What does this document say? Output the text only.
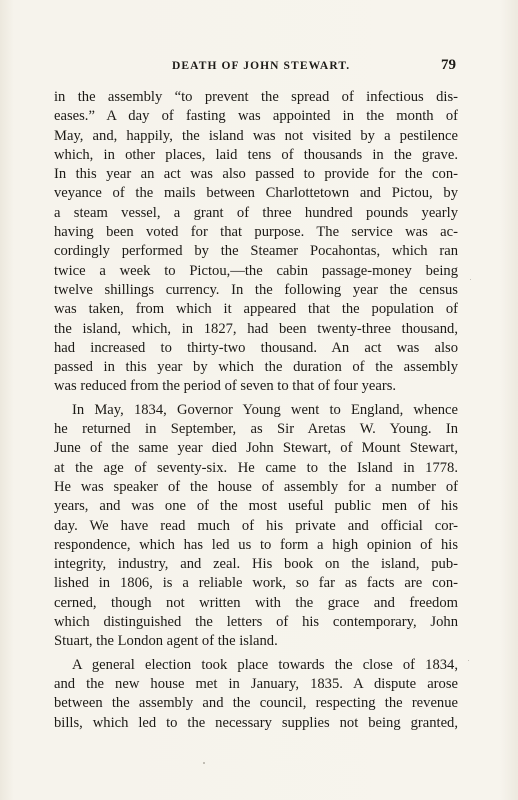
DEATH OF JOHN STEWART.	79
in the assembly “to prevent the spread of infectious dis-
eases.” A day of fasting was appointed in the month of
May, and, happily, the island was not visited by a pestilence
which, in other places, laid tens of thousands in the grave.
In this year an act was also passed to provide for the con-
veyance of the mails between Charlottetown and Pictou, by
a steam vessel, a grant of three hundred pounds yearly
having been voted for that purpose. The service was ac-
cordingly performed by the Steamer Pocahontas, which ran
twice a week to Pictou,—the cabin passage-money being
twelve shillings currency. In the following year the census
was taken, from which it appeared that the population of
the island, which, in 1827, had been twenty-three thousand,
had increased to thirty-two thousand. An act was also
passed in this year by which the duration of the assembly
was reduced from the period of seven to that of four years.
In May, 1834, Governor Young went to England, whence
he returned in September, as Sir Aretas W. Young. In
June of the same year died John Stewart, of Mount Stewart,
at the age of seventy-six. He came to the Island in 1778.
He was speaker of the house of assembly for a number of
years, and was one of the most useful public men of his
day. We have read much of his private and official cor-
respondence, which has led us to form a high opinion of his
integrity, industry, and zeal. His book on the island, pub-
lished in 1806, is a reliable work, so far as facts are con-
cerned, though not written with the grace and freedom
which distinguished the letters of his contemporary, John
Stuart, the London agent of the island.
A general election took place towards the close of 1834,
and the new house met in January, 1835. A dispute arose
between the assembly and the council, respecting the revenue
bills, which led to the necessary supplies not being granted,
